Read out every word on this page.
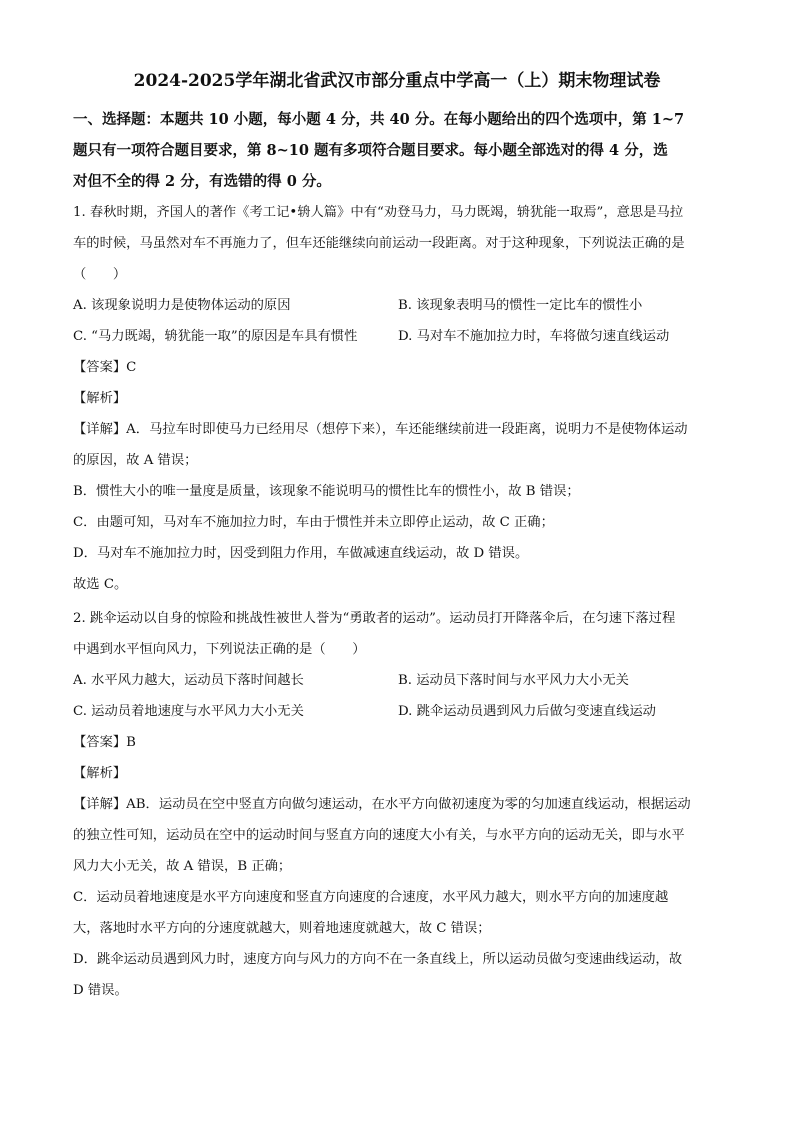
2024-2025学年湖北省武汉市部分重点中学高一（上）期末物理试卷
一、选择题：本题共 10 小题，每小题 4 分，共 40 分。在每小题给出的四个选项中，第 1~7
题只有一项符合题目要求，第 8~10 题有多项符合题目要求。每小题全部选对的得 4 分，选
对但不全的得 2 分，有选错的得 0 分。
1. 春秋时期，齐国人的著作《考工记•辀人篇》中有“劝登马力，马力既竭，辀犹能一取焉”，意思是马拉
车的时候，马虽然对车不再施力了，但车还能继续向前运动一段距离。对于这种现象，下列说法正确的是
（　　）
A. 该现象说明力是使物体运动的原因	B. 该现象表明马的惯性一定比车的惯性小
C. “马力既竭，辀犹能一取”的原因是车具有惯性	D. 马对车不施加拉力时，车将做匀速直线运动
【答案】C
【解析】
【详解】A．马拉车时即使马力已经用尽（想停下来），车还能继续前进一段距离，说明力不是使物体运动
的原因，故 A 错误；
B．惯性大小的唯一量度是质量，该现象不能说明马的惯性比车的惯性小，故 B 错误；
C．由题可知，马对车不施加拉力时，车由于惯性并未立即停止运动，故 C 正确；
D．马对车不施加拉力时，因受到阻力作用，车做减速直线运动，故 D 错误。
故选 C。
2. 跳伞运动以自身的惊险和挑战性被世人誉为“勇敢者的运动”。运动员打开降落伞后，在匀速下落过程
中遇到水平恒向风力，下列说法正确的是（　　）
A. 水平风力越大，运动员下落时间越长	B. 运动员下落时间与水平风力大小无关
C. 运动员着地速度与水平风力大小无关	D. 跳伞运动员遇到风力后做匀变速直线运动
【答案】B
【解析】
【详解】AB．运动员在空中竖直方向做匀速运动，在水平方向做初速度为零的匀加速直线运动，根据运动
的独立性可知，运动员在空中的运动时间与竖直方向的速度大小有关，与水平方向的运动无关，即与水平
风力大小无关，故 A 错误，B 正确；
C．运动员着地速度是水平方向速度和竖直方向速度的合速度，水平风力越大，则水平方向的加速度越
大，落地时水平方向的分速度就越大，则着地速度就越大，故 C 错误；
D．跳伞运动员遇到风力时，速度方向与风力的方向不在一条直线上，所以运动员做匀变速曲线运动，故
D 错误。
